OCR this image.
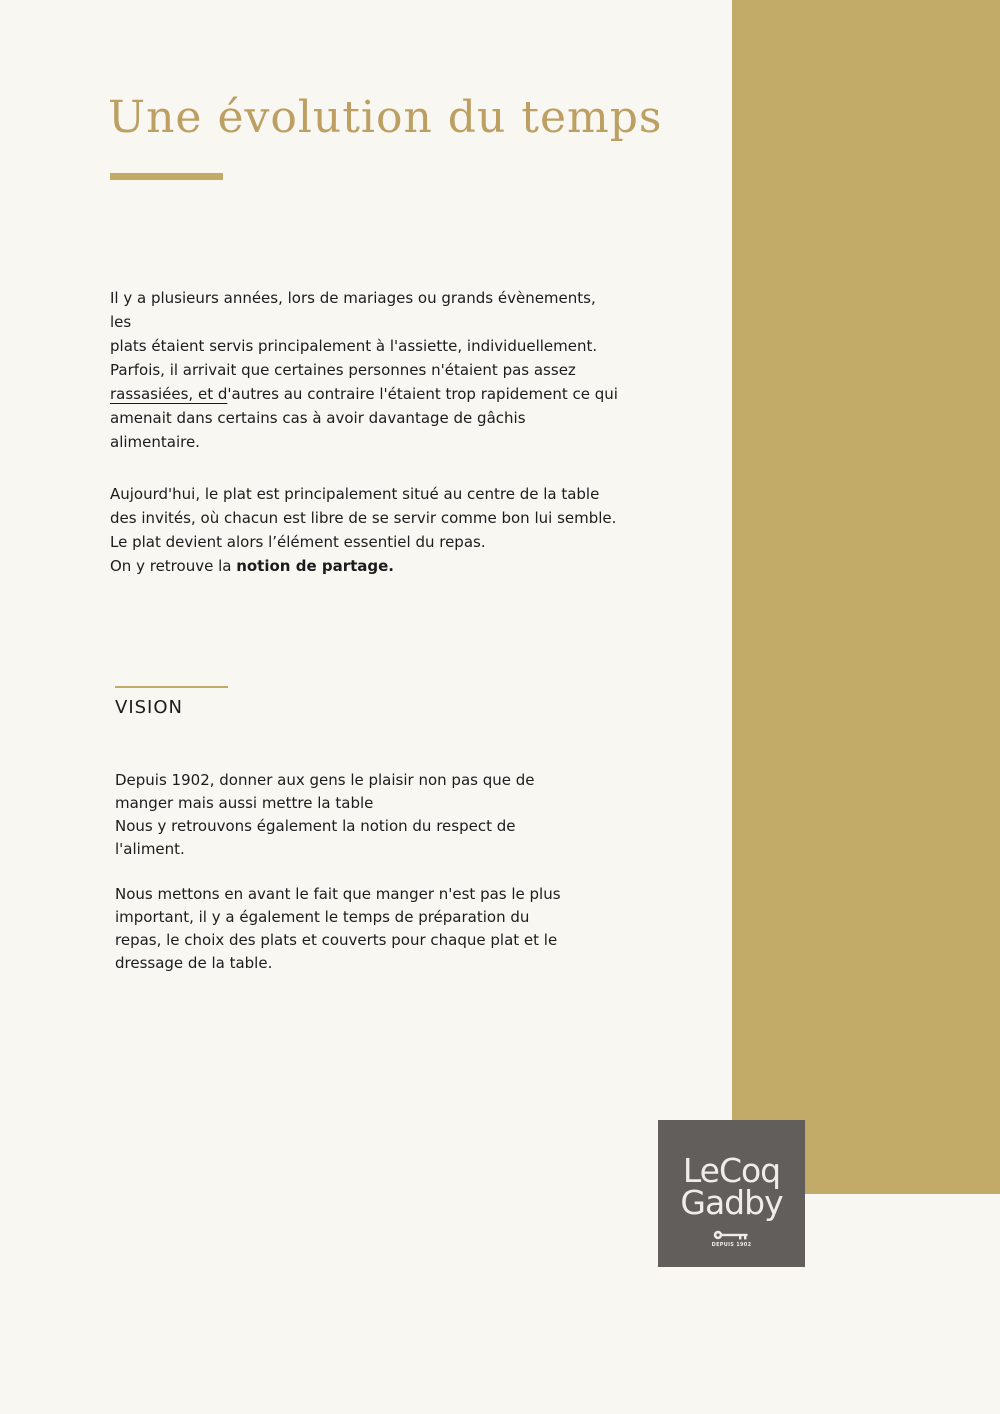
Une évolution du temps

Il y a plusieurs années, lors de mariages ou grands évènements, les
plats étaient servis principalement à l'assiette, individuellement.
Parfois, il arrivait que certaines personnes n'étaient pas assez
rassasiées, et d'autres au contraire l'étaient trop rapidement ce qui
amenait dans certains cas à avoir davantage de gâchis
alimentaire.

Aujourd'hui, le plat est principalement situé au centre de la table
des invités, où chacun est libre de se servir comme bon lui semble.
Le plat devient alors l’élément essentiel du repas.
On y retrouve la notion de partage.

VISION

Depuis 1902, donner aux gens le plaisir non pas que de
manger mais aussi mettre la table
Nous y retrouvons également la notion du respect de
l'aliment.

Nous mettons en avant le fait que manger n'est pas le plus
important, il y a également le temps de préparation du
repas, le choix des plats et couverts pour chaque plat et le
dressage de la table.

LeCoq
Gadby
DEPUIS 1902
